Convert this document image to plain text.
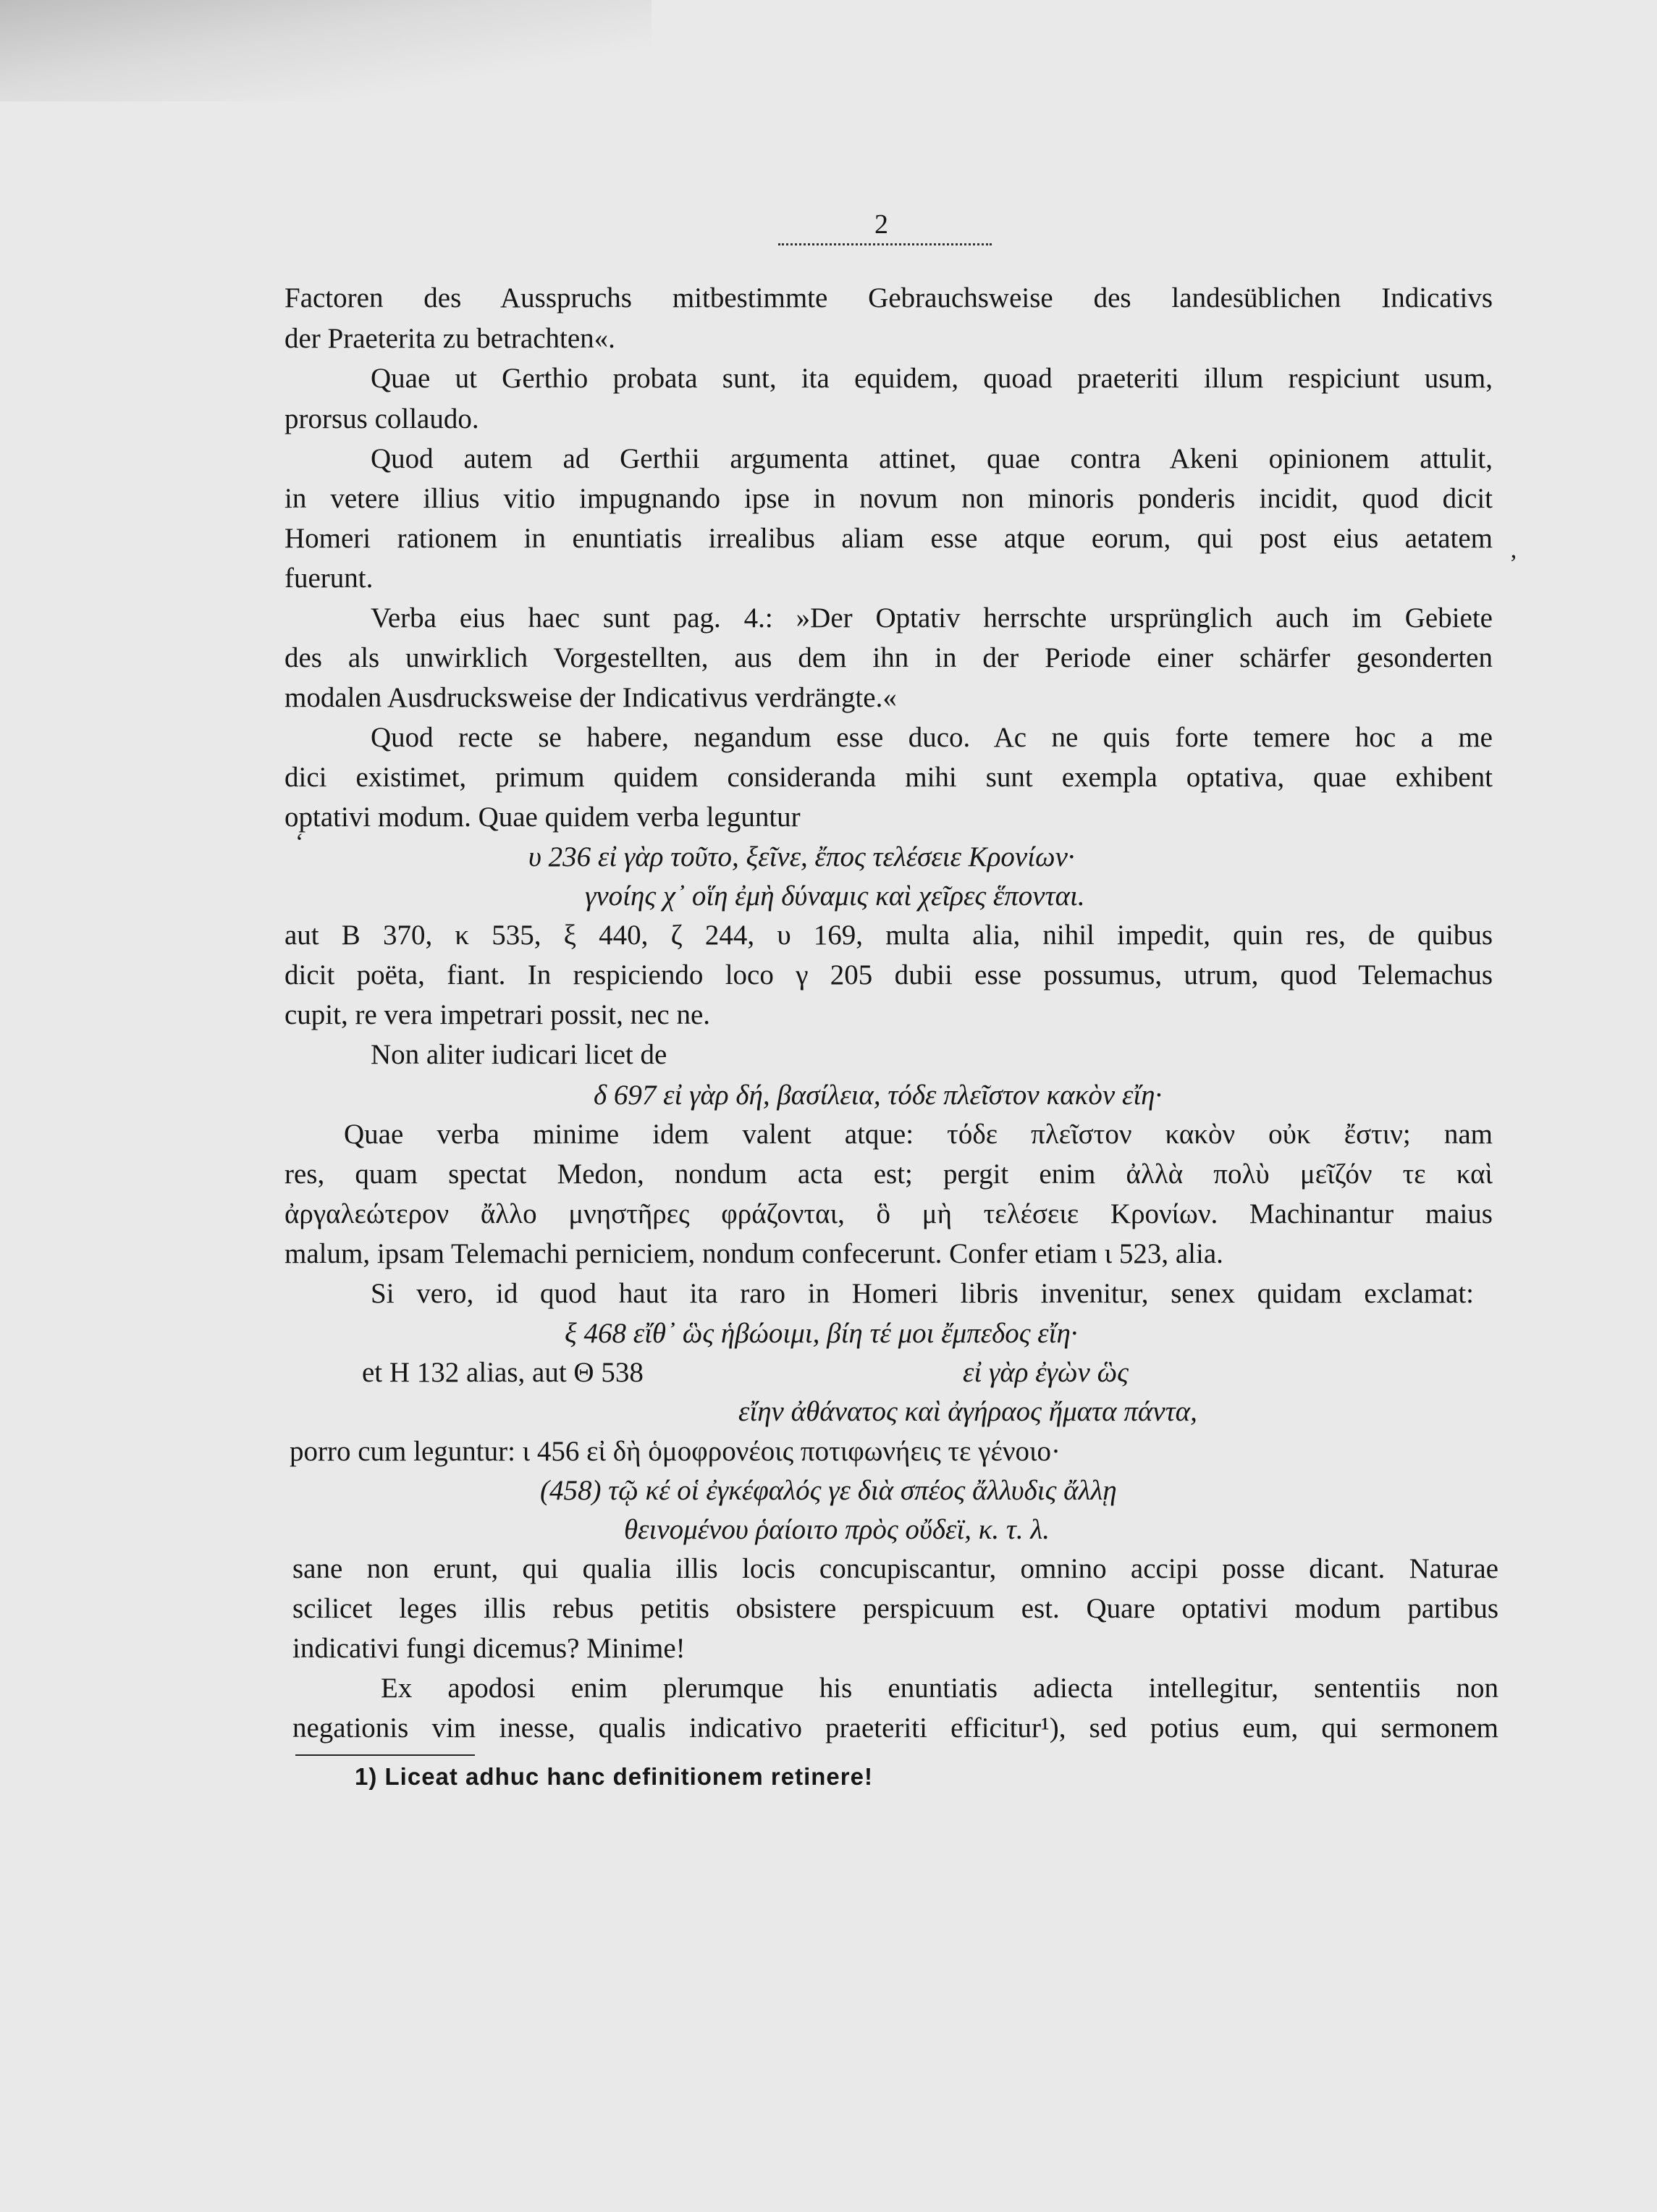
2
Factoren des Ausspruchs mitbestimmte Gebrauchsweise des landesüblichen Indicativs
der Praeterita zu betrachten«.
Quae ut Gerthio probata sunt, ita equidem, quoad praeteriti illum respiciunt usum,
prorsus collaudo.
Quod autem ad Gerthii argumenta attinet, quae contra Akeni opinionem attulit,
in vetere illius vitio impugnando ipse in novum non minoris ponderis incidit, quod dicit
Homeri rationem in enuntiatis irrealibus aliam esse atque eorum, qui post eius aetatem
fuerunt.
Verba eius haec sunt pag. 4.: »Der Optativ herrschte ursprünglich auch im Gebiete
des als unwirklich Vorgestellten, aus dem ihn in der Periode einer schärfer gesonderten
modalen Ausdrucksweise der Indicativus verdrängte.«
Quod recte se habere, negandum esse duco. Ac ne quis forte temere hoc a me
dici existimet, primum quidem consideranda mihi sunt exempla optativa, quae exhibent
optativi modum. Quae quidem verba leguntur
υ 236 εἰ γὰρ τοῦτο, ξεῖνε, ἔπος τελέσειε Κρονίων·
γνοίης χ᾽ οἵη ἐμὴ δύναμις καὶ χεῖρες ἕπονται.
aut B 370, κ 535, ξ 440, ζ 244, υ 169, multa alia, nihil impedit, quin res, de quibus
dicit poëta, fiant. In respiciendo loco γ 205 dubii esse possumus, utrum, quod Telemachus
cupit, re vera impetrari possit, nec ne.
Non aliter iudicari licet de
δ 697 εἰ γὰρ δή, βασίλεια, τόδε πλεῖστον κακὸν εἴη·
Quae verba minime idem valent atque: τόδε πλεῖστον κακὸν οὐκ ἔστιν; nam
res, quam spectat Medon, nondum acta est; pergit enim ἀλλὰ πολὺ μεῖζόν τε καὶ
ἀργαλεώτερον ἄλλο μνηστῆρες φράζονται, ὃ μὴ τελέσειε Κρονίων. Machinantur maius
malum, ipsam Telemachi perniciem, nondum confecerunt. Confer etiam ι 523, alia.
Si vero, id quod haut ita raro in Homeri libris invenitur, senex quidam exclamat:
ξ 468 εἴθ᾽ ὣς ἡβώοιμι, βίη τέ μοι ἔμπεδος εἴη·
et H 132 alias, aut Θ 538	εἰ γὰρ ἐγὼν ὣς
εἴην ἀθάνατος καὶ ἀγήραος ἤματα πάντα,
porro cum leguntur: ι 456 εἰ δὴ ὁμοφρονέοις ποτιφωνήεις τε γένοιο·
(458) τῷ κέ οἱ ἐγκέφαλός γε διὰ σπέος ἄλλυδις ἄλλῃ
θεινομένου ῥαίοιτο πρὸς οὔδεϊ, κ. τ. λ.
sane non erunt, qui qualia illis locis concupiscantur, omnino accipi posse dicant. Naturae
scilicet leges illis rebus petitis obsistere perspicuum est. Quare optativi modum partibus
indicativi fungi dicemus? Minime!
Ex apodosi enim plerumque his enuntiatis adiecta intellegitur, sententiis non
negationis vim inesse, qualis indicativo praeteriti efficitur¹), sed potius eum, qui sermonem
1) Liceat adhuc hanc definitionem retinere!
ʼ
ʻ
